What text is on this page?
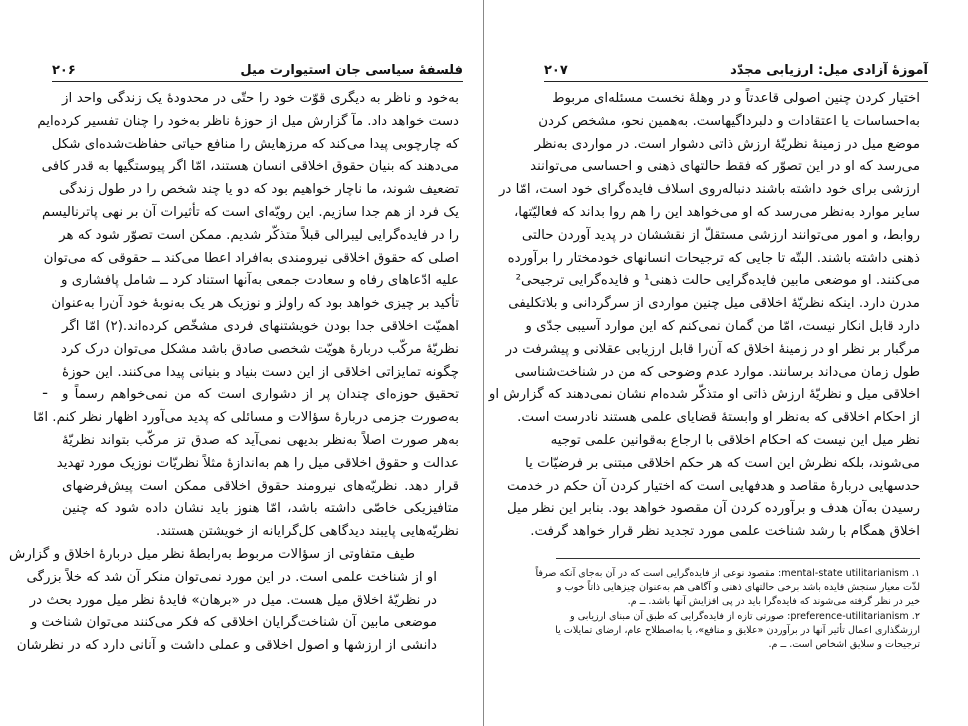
فلسفهٔ سیاسی جان استیوارت میل
۲۰۶
به‌خود و ناظر به دیگری قوّت خود را حتّی در محدودهٔ یک زندگی واحد از
دست خواهد داد. مآ گزارش میل از حوزهٔ ناظر به‌خود را چنان تفسیر کرده‌ایم
که چارچوبی پیدا می‌کند که مرزهایش را منافع حیاتی حفاظت‌شده‌ای شکل
می‌دهند که بنیان حقوق اخلاقی انسان هستند، امّا اگر پیوستگیها به قدر کافی
تضعیف شوند، ما ناچار خواهیم بود که دو یا چند شخص را در طول زندگی
یک فرد از هم جدا سازیم. این رویّه‌ای است که تأثیرات آن بر نهی پاترنالیسم
را در فایده‌گرایی لیبرالی قبلاً متذکّر شدیم. ممکن است تصوّر شود که هر
اصلی که حقوق اخلاقی نیرومندی به‌افراد اعطا می‌کند ــ حقوقی که می‌توان
علیه ادّعاهای رفاه و سعادت جمعی به‌آنها استناد کرد ــ شامل پافشاری و
تأکید بر چیزی خواهد بود که راولز و نوزیک هر یک به‌نوبهٔ خود آن‌را به‌عنوان
اهمیّت اخلاقی جدا بودن خویشتنهای فردی مشخّص کرده‌اند.(۲) امّا اگر
نظریّهٔ مرکّب دربارهٔ هویّت شخصی صادق باشد مشکل می‌توان درک کرد
چگونه تمایزاتی اخلاقی از این دست بنیاد و بنیانی پیدا می‌کنند. این حوزهٔ
تحقیق حوزه‌ای چندان پر از دشواری است که من نمی‌خواهم رسماً و
به‌صورت جزمی دربارهٔ سؤالات و مسائلی که پدید می‌آورد اظهار نظر کنم. امّا
به‌هر صورت اصلاً به‌نظر بدیهی نمی‌آید که صدق تز مرکّب بتواند نظریّهٔ
عدالت و حقوق اخلاقی میل را هم به‌اندازهٔ مثلاً نظریّات نوزیک مورد تهدید
قرار دهد. نظریّه‌های نیرومند حقوق اخلاقی ممکن است پیش‌فرضهای
متافیزیکی خاصّی داشته باشد، امّا هنوز باید نشان داده شود که چنین
نظریّه‌هایی پایبند دیدگاهی کل‌گرایانه از خویشتن هستند.
طیف متفاوتی از سؤالات مربوط به‌رابطهٔ نظر میل دربارهٔ اخلاق و گزارش
او از شناخت علمی است. در این مورد نمی‌توان منکر آن شد که خلاً بزرگی
در نظریّهٔ اخلاق میل هست. میل در «برهان» فایدهٔ نظر میل مورد بحث در
موضعی مابین آن شناخت‌گرایان اخلاقی که فکر می‌کنند می‌توان شناخت و
دانشی از ارزشها و اصول اخلاقی و عملی داشت و آنانی دارد که در نظرشان
ـ
آموزهٔ آزادی میل: ارزیابی مجدّد
۲۰۷
اختیار کردن چنین اصولی قاعدتاً و در وهلهٔ نخست مسئله‌ای مربوط
به‌احساسات یا اعتقادات و دلبرداگیهاست. به‌همین نحو، مشخص کردن
موضع میل در زمینهٔ نظریّهٔ ارزش ذاتی دشوار است. در مواردی به‌نظر
می‌رسد که او در این تصوّر که فقط حالتهای ذهنی و احساسی می‌توانند
ارزشی برای خود داشته باشند دنباله‌روی اسلاف فایده‌گرای خود است، امّا در
سایر موارد به‌نظر می‌رسد که او می‌خواهد این را هم روا بداند که فعالیّتها،
روابط، و امور می‌توانند ارزشی مستقلّ از نقششان در پدید آوردن حالتی
ذهنی داشته باشند. البتّه تا جایی که ترجیحات انسانهای خودمختار را برآورده
می‌کنند. او موضعی مابین فایده‌گرایی حالت ذهنی¹ و فایده‌گرایی ترجیحی²
مدرن دارد. اینکه نظریّهٔ اخلاقی میل چنین مواردی از سرگردانی و بلاتکلیفی
دارد قابل انکار نیست، امّا من گمان نمی‌کنم که این موارد آسیبی جدّی و
مرگبار بر نظر او در زمینهٔ اخلاق که آن‌را قابل ارزیابی عقلانی و پیشرفت در
طول زمان می‌داند برسانند. موارد عدم وضوحی که من در شناخت‌شناسی
اخلاقی میل و نظریّهٔ ارزش ذاتی او متذکّر شده‌ام نشان نمی‌دهند که گزارش او
از احکام اخلاقی که به‌نظر او وابستهٔ قضایای علمی هستند نادرست است.
نظر میل این نیست که احکام اخلاقی با ارجاع به‌قوانین علمی توجیه
می‌شوند، بلکه نظرش این است که هر حکم اخلاقی مبتنی بر فرضیّات یا
حدسهایی دربارهٔ مقاصد و هدفهایی است که اختیار کردن آن حکم در خدمت
رسیدن به‌آن هدف و برآورده کردن آن مقصود خواهد بود. بنابر این نظر میل
اخلاق همگام با رشد شناخت علمی مورد تجدید نظر قرار خواهد گرفت.
۱. mental-state utilitarianism: مقصود نوعی از فایده‌گرایی است که در آن به‌جای آنکه صرفاً
لذّت معیار سنجش فایده باشد برخی حالتهای ذهنی و آگاهی هم به‌عنوان چیزهایی ذاتاً خوب و
خیر در نظر گرفته می‌شوند که فایده‌گرا باید در پی افزایش آنها باشد. ــ م.
۲. preference-utilitarianism: صورتی تازه از فایده‌گرایی که طبق آن مبنای ارزیابی و
ارزشگذاری اعمال تأثیر آنها در برآوردن «علایق و منافع»، یا به‌اصطلاح عام، ارضای تمایلات یا
ترجیحات و سلایق اشخاص است. ــ م.
